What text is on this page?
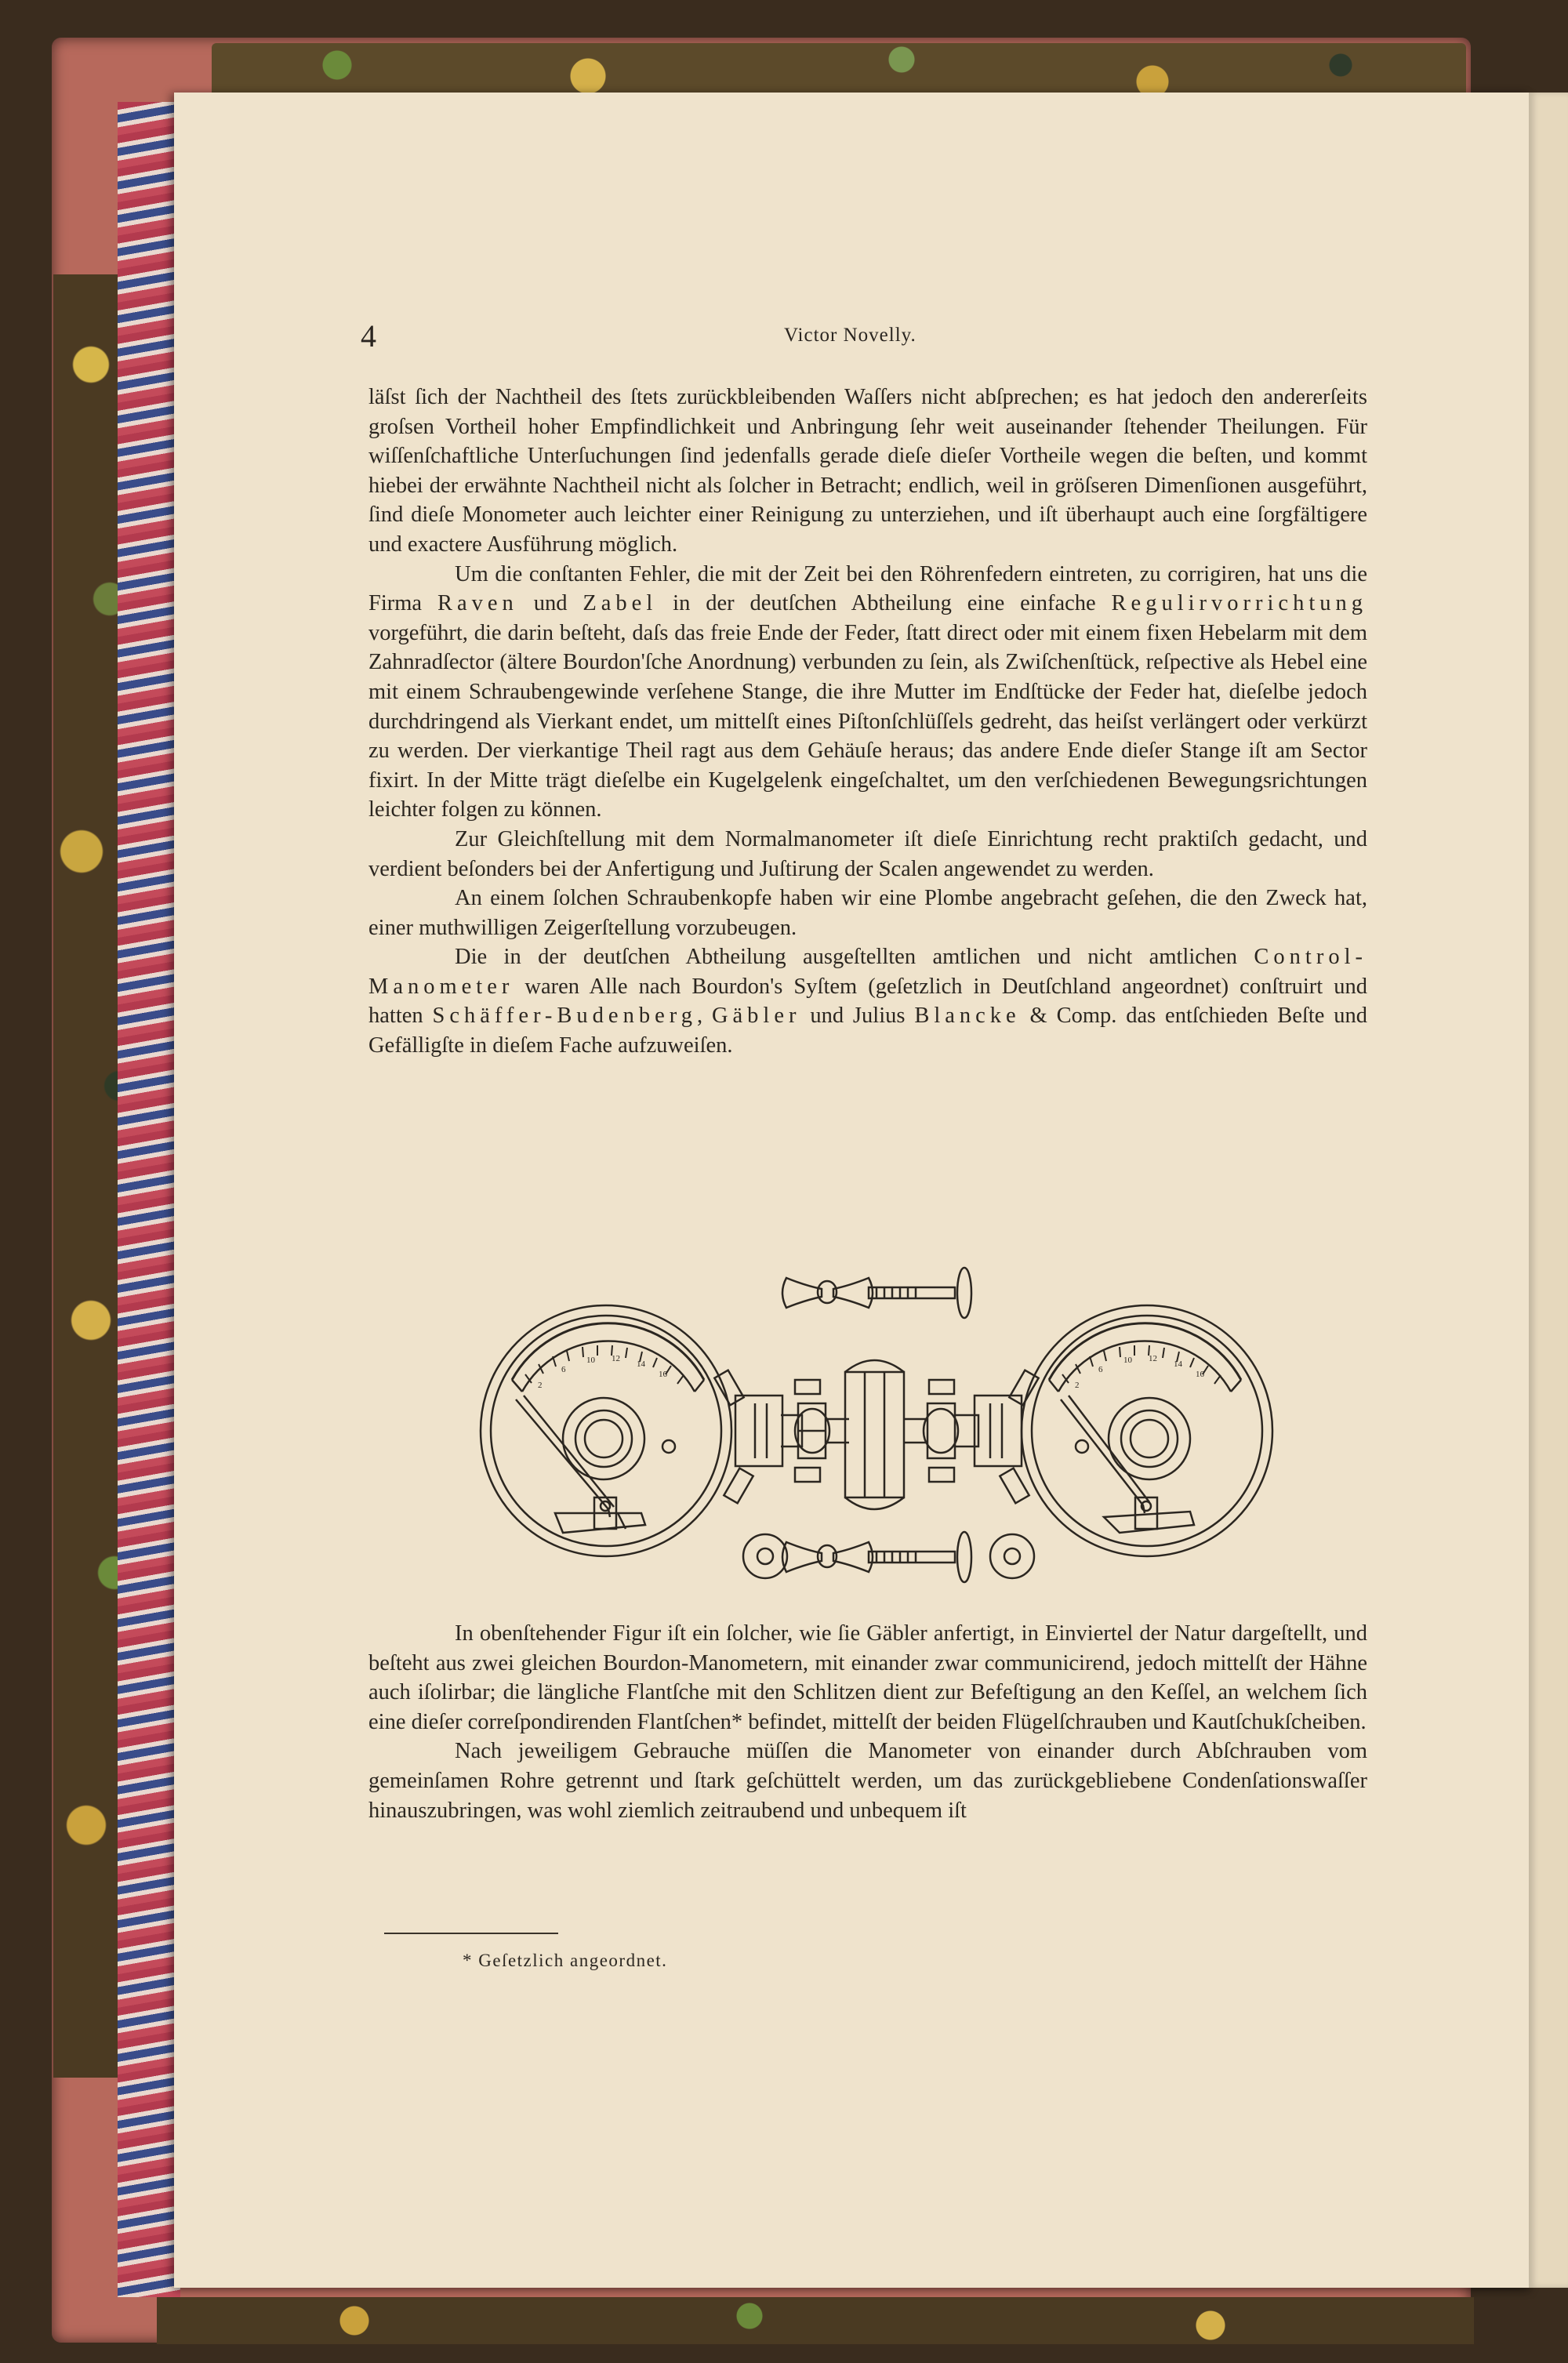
4	Victor Novelly.

läſst ſich der Nachtheil des ſtets zurückbleibenden Waſſers nicht abſprechen; es hat jedoch den andererſeits groſsen Vortheil hoher Empfindlichkeit und Anbringung ſehr weit auseinander ſtehender Theilungen. Für wiſſenſchaftliche Unterſuchungen ſind jedenfalls gerade dieſe dieſer Vortheile wegen die beſten, und kommt hiebei der erwähnte Nachtheil nicht als ſolcher in Betracht; endlich, weil in gröſseren Dimenſionen ausgeführt, ſind dieſe Monometer auch leichter einer Reinigung zu unterziehen, und iſt überhaupt auch eine ſorgfältigere und exactere Ausführung möglich.

Um die conſtanten Fehler, die mit der Zeit bei den Röhrenfedern eintreten, zu corrigiren, hat uns die Firma Raven und Zabel in der deutſchen Abtheilung eine einfache Regulirvorrichtung vorgeführt, die darin beſteht, daſs das freie Ende der Feder, ſtatt direct oder mit einem fixen Hebelarm mit dem Zahnradſector (ältere Bourdon'ſche Anordnung) verbunden zu ſein, als Zwiſchenſtück, reſpective als Hebel eine mit einem Schraubengewinde verſehene Stange, die ihre Mutter im Endſtücke der Feder hat, dieſelbe jedoch durchdringend als Vierkant endet, um mittelſt eines Piſtonſchlüſſels gedreht, das heiſst verlängert oder verkürzt zu werden. Der vierkantige Theil ragt aus dem Gehäuſe heraus; das andere Ende dieſer Stange iſt am Sector fixirt. In der Mitte trägt dieſelbe ein Kugelgelenk eingeſchaltet, um den verſchiedenen Bewegungsrichtungen leichter folgen zu können.

Zur Gleichſtellung mit dem Normalmanometer iſt dieſe Einrichtung recht praktiſch gedacht, und verdient beſonders bei der Anfertigung und Juſtirung der Scalen angewendet zu werden.

An einem ſolchen Schraubenkopfe haben wir eine Plombe angebracht geſehen, die den Zweck hat, einer muthwilligen Zeigerſtellung vorzubeugen.

Die in der deutſchen Abtheilung ausgeſtellten amtlichen und nicht amtlichen Control-Manometer waren Alle nach Bourdon's Syſtem (geſetzlich in Deutſchland angeordnet) conſtruirt und hatten Schäffer-Budenberg, Gäbler und Julius Blancke & Comp. das entſchieden Beſte und Gefälligſte in dieſem Fache aufzuweiſen.

2
6
10 12
14
16
2
6
10 12
14
16

In obenſtehender Figur iſt ein ſolcher, wie ſie Gäbler anfertigt, in Einviertel der Natur dargeſtellt, und beſteht aus zwei gleichen Bourdon-Manometern, mit einander zwar communicirend, jedoch mittelſt der Hähne auch iſolirbar; die längliche Flantſche mit den Schlitzen dient zur Befeſtigung an den Keſſel, an welchem ſich eine dieſer correſpondirenden Flantſchen* befindet, mittelſt der beiden Flügelſchrauben und Kautſchukſcheiben.

Nach jeweiligem Gebrauche müſſen die Manometer von einander durch Abſchrauben vom gemeinſamen Rohre getrennt und ſtark geſchüttelt werden, um das zurückgebliebene Condenſationswaſſer hinauszubringen, was wohl ziemlich zeitraubend und unbequem iſt

* Geſetzlich angeordnet.
